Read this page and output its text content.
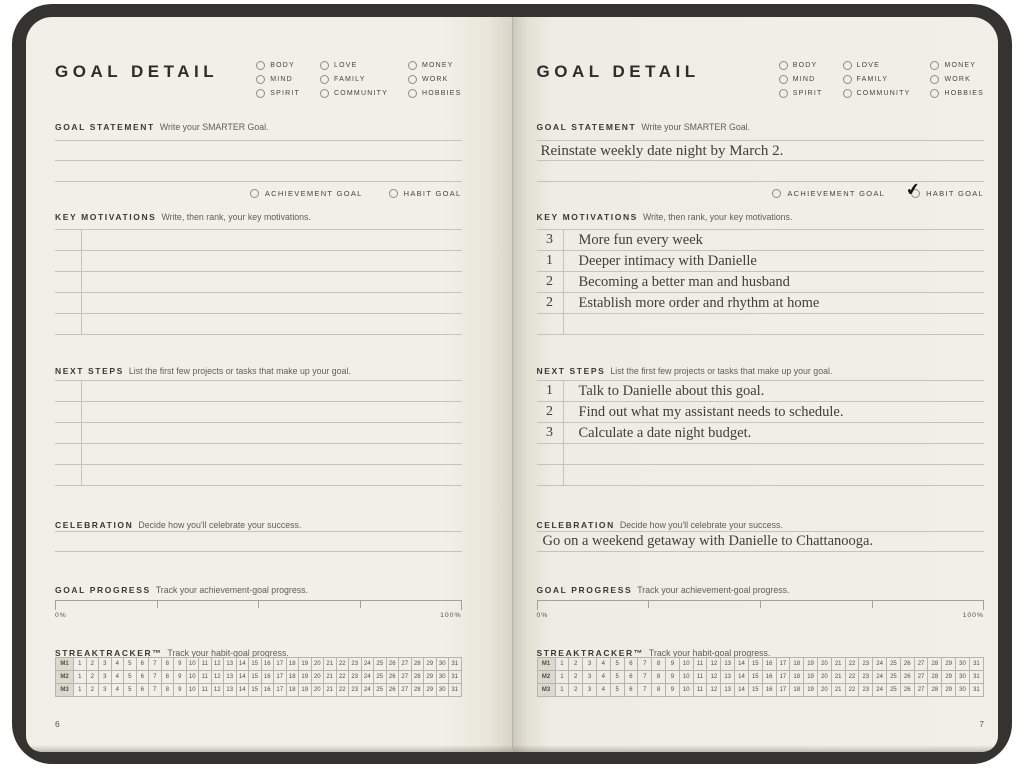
GOAL DETAIL	BODY
MIND
SPIRIT
LOVE
FAMILY
COMMUNITY
MONEY
WORK
HOBBIES
GOAL STATEMENT Write your SMARTER Goal.
ACHIEVEMENT GOAL	HABIT GOAL
KEY MOTIVATIONS Write, then rank, your key motivations.
NEXT STEPS List the first few projects or tasks that make up your goal.
CELEBRATION Decide how you'll celebrate your success.
GOAL PROGRESS Track your achievement-goal progress.
0%	100%
STREAKTRACKER™ Track your habit-goal progress.
M1	1	2	3	4	5	6	7	8	9	10	11	12	13	14	15	16	17	18	19	20	21	22	23	24	25	26	27	28	29	30	31
M2	1	2	3	4	5	6	7	8	9	10	11	12	13	14	15	16	17	18	19	20	21	22	23	24	25	26	27	28	29	30	31
M3	1	2	3	4	5	6	7	8	9	10	11	12	13	14	15	16	17	18	19	20	21	22	23	24	25	26	27	28	29	30	31
6
GOAL DETAIL	BODY
MIND
SPIRIT
LOVE
FAMILY
COMMUNITY
MONEY
WORK
HOBBIES
GOAL STATEMENT Write your SMARTER Goal.
Reinstate weekly date night by March 2.
ACHIEVEMENT GOAL ✔ HABIT GOAL
KEY MOTIVATIONS Write, then rank, your key motivations.
3	More fun every week
1	Deeper intimacy with Danielle
2	Becoming a better man and husband
2	Establish more order and rhythm at home
NEXT STEPS List the first few projects or tasks that make up your goal.
1	Talk to Danielle about this goal.
2	Find out what my assistant needs to schedule.
3	Calculate a date night budget.
CELEBRATION Decide how you'll celebrate your success.
Go on a weekend getaway with Danielle to Chattanooga.
GOAL PROGRESS Track your achievement-goal progress.
0%	100%
STREAKTRACKER™ Track your habit-goal progress.
M1	1	2	3	4	5	6	7	8	9	10	11	12	13	14	15	16	17	18	19	20	21	22	23	24	25	26	27	28	29	30	31
M2	1	2	3	4	5	6	7	8	9	10	11	12	13	14	15	16	17	18	19	20	21	22	23	24	25	26	27	28	29	30	31
M3	1	2	3	4	5	6	7	8	9	10	11	12	13	14	15	16	17	18	19	20	21	22	23	24	25	26	27	28	29	30	31
7
